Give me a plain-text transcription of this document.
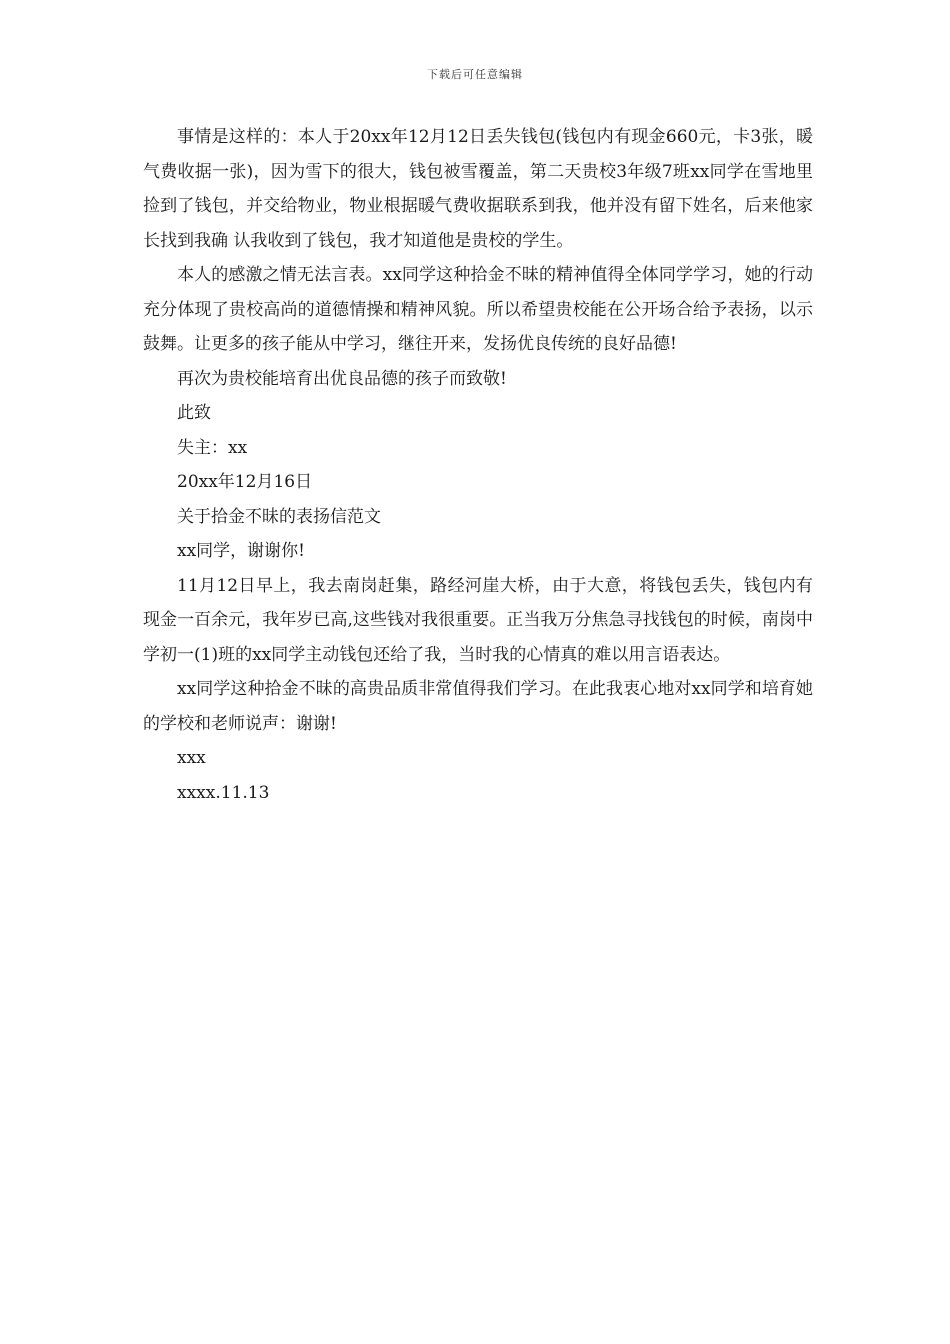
下载后可任意编辑

事情是这样的：本人于20xx年12月12日丢失钱包(钱包内有现金660元，卡3张，暖气费收据一张)，因为雪下的很大，钱包被雪覆盖，第二天贵校3年级7班xx同学在雪地里捡到了钱包，并交给物业，物业根据暖气费收据联系到我，他并没有留下姓名，后来他家长找到我确 认我收到了钱包，我才知道他是贵校的学生。

本人的感激之情无法言表。xx同学这种拾金不昧的精神值得全体同学学习，她的行动充分体现了贵校高尚的道德情操和精神风貌。所以希望贵校能在公开场合给予表扬，以示鼓舞。让更多的孩子能从中学习，继往开来，发扬优良传统的良好品德!

再次为贵校能培育出优良品德的孩子而致敬!

此致

失主：xx

20xx年12月16日

关于拾金不昧的表扬信范文

xx同学，谢谢你!

11月12日早上，我去南岗赶集，路经河崖大桥，由于大意，将钱包丢失，钱包内有现金一百余元，我年岁已高,这些钱对我很重要。正当我万分焦急寻找钱包的时候，南岗中学初一(1)班的xx同学主动钱包还给了我，当时我的心情真的难以用言语表达。

xx同学这种拾金不昧的高贵品质非常值得我们学习。在此我衷心地对xx同学和培育她的学校和老师说声：谢谢!

xxx

xxxx.11.13
